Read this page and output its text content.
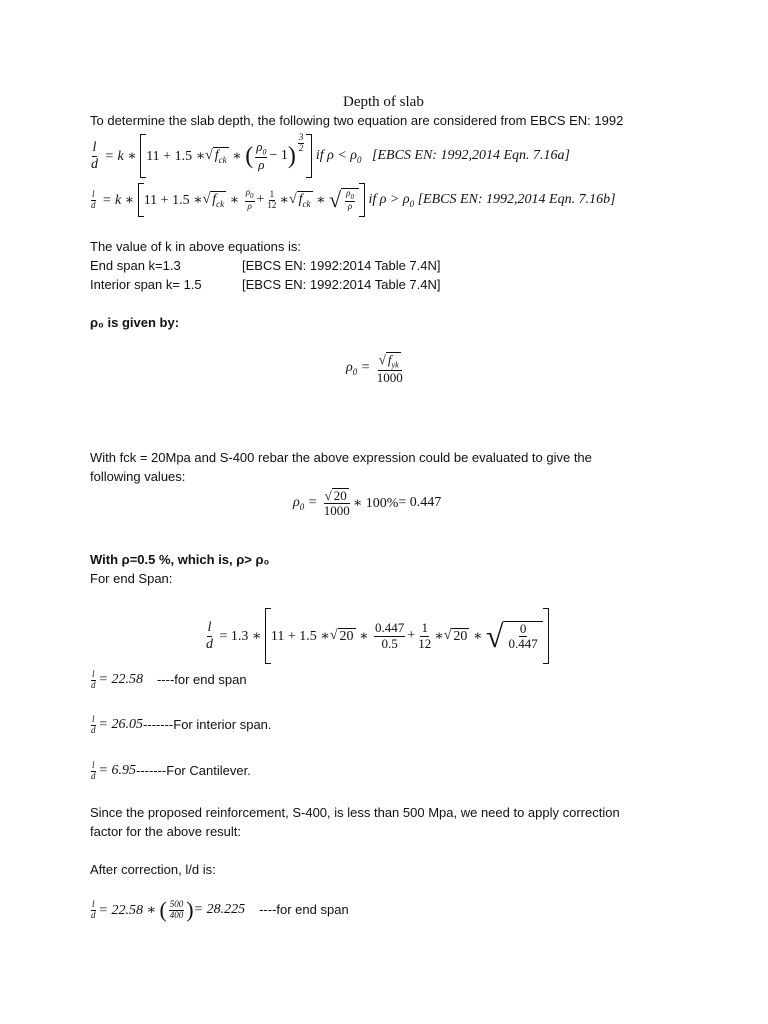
Depth of slab
To determine the slab depth, the following two equation are considered from EBCS EN: 1992
$\frac{l}{d} = k$ ∗ 11 + 1.5 ∗ √ $f_{ck}$ ∗ ( $\frac{\rho_0}{\rho} - 1$ ) $\frac{3}{2}$
if $\rho < \rho_0$ [EBCS EN: 1992,2014 Eqn. 7.16a]
$\frac{l}{d} = k$ ∗ 11 + 1.5 ∗ √ $f_{ck}$ ∗ $\frac{\rho_0}{\rho} + \frac{1}{12}$ ∗ √ $f_{ck}$ ∗ √ $\frac{\rho_0}{\rho}$ if $\rho > \rho_0$ [EBCS EN: 1992,2014 Eqn. 7.16b]
The value of k in above equations is:
End span k=1.3	[EBCS EN: 1992:2014 Table 7.4N]
Interior span k= 1.5	[EBCS EN: 1992:2014 Table 7.4N]
ρ₀ is given by:
$\rho_0 = \frac{√ f_{yk}}{1000}$
With fck = 20Mpa and S-400 rebar the above expression could be evaluated to give the
following values:
$\rho_0 = \frac{√ 20}{1000}$ ∗ 100% = 0.447
With ρ=0.5 %, which is, ρ> ρ₀
For end Span:
$\frac{l}{d} = 1.3$ ∗ 11 + 1.5 ∗ √ 20 ∗ $\frac{0.447}{0.5} + \frac{1}{12}$ ∗ √ 20 ∗ √ $\frac{0}{0.447}$
$\frac{l}{d} = 22.58$ ----for end span
$\frac{l}{d} = 26.05$ -------For interior span.
$\frac{l}{d} = 6.95$ -------For Cantilever.
Since the proposed reinforcement, S-400, is less than 500 Mpa, we need to apply correction
factor for the above result:
After correction, l/d is:
$\frac{l}{d} = 22.58$ ∗ ( $\frac{500}{400}$ ) = 28.225 ----for end span
